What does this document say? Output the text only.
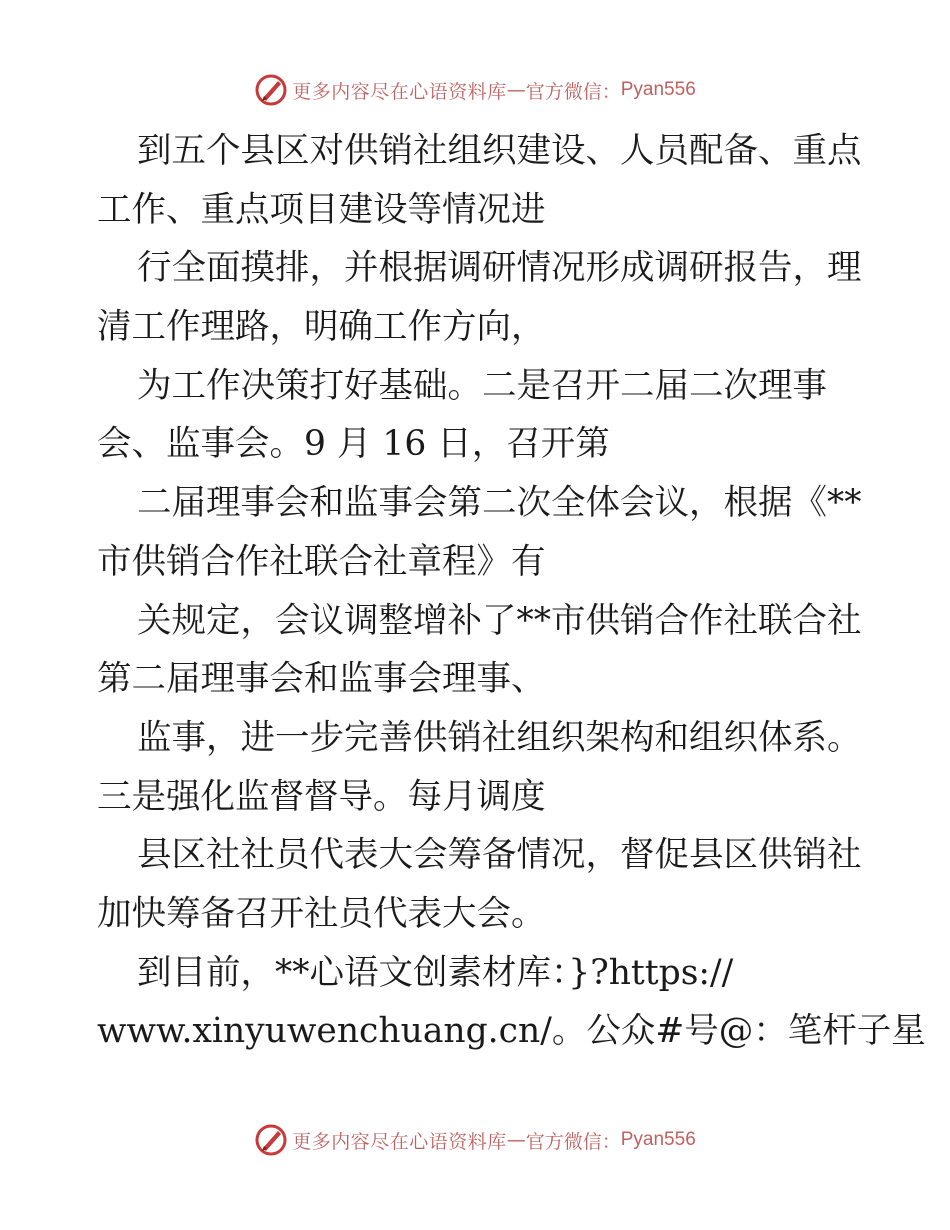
更多内容尽在心语资料库 — 官方微信： Pyan556
到五个县区对供销社组织建设、人员配备、重点
工作、重点项目建设等情况进
行全面摸排，并根据调研情况形成调研报告，理
清工作理路，明确工作方向，
为工作决策打好基础。二是召开二届二次理事
会、监事会。9 月 16 日，召开第
二届理事会和监事会第二次全体会议，根据《**
市供销合作社联合社章程》有
关规定，会议调整增补了**市供销合作社联合社
第二届理事会和监事会理事、
监事，进一步完善供销社组织架构和组织体系。
三是强化监督督导。每月调度
县区社社员代表大会筹备情况，督促县区供销社
加快筹备召开社员代表大会。
到目前，**心语文创素材库：}?https://
www.xinyuwenchuang.cn/。公众#号@：笔杆子星
更多内容尽在心语资料库 — 官方微信： Pyan556
